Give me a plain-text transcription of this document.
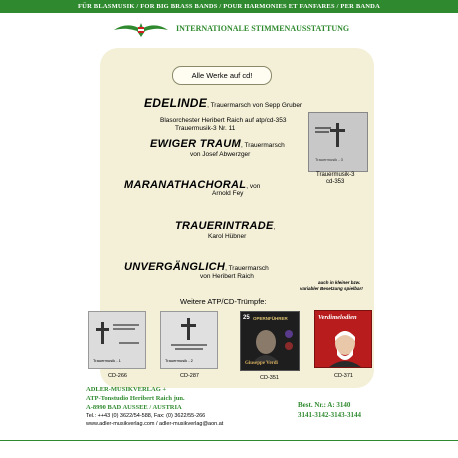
FÜR BLASMUSIK / FOR BIG BRASS BANDS / POUR HARMONIES ET FANFARES / PER BANDA
INTERNATIONALE STIMMENAUSSTATTUNG
Alle Werke auf cd!
EDELINDE, Trauermarsch von Sepp Gruber
Blasorchester Heribert Raich auf atp/cd-353
Trauermusik-3 Nr. 11
EWIGER TRAUM, Trauermarsch
von Josef Abwerzger
MARANATHACHORAL, von
Arnold Fey
TRAUERINTRADE,
Karol Hübner
UNVERGÄNGLICH, Trauermarsch
von Heribert Raich
Trauermusik - 3
Trauermusik-3
cd-353
auch in kleiner bzw.
variabler Besetzung spielbar!
Weitere ATP/CD-Trümpfe:
Trauermusik - 1
CD-266
Trauermusik - 2
CD-287
25 OPERNFÜHRER
Giuseppe Verdi
CD-351
Verdimelodien
CD-371
ADLER-MUSIKVERLAG +
ATP-Tonstudio Heribert Raich jun.
A-8990 BAD AUSSEE / AUSTRIA
Tel.: ++43 (0) 3622/54-588, Fax: (0) 3622/55-266
www.adler-musikverlag.com / adler-musikverlag@aon.at
Best. Nr.: A: 3140
3141-3142-3143-3144
